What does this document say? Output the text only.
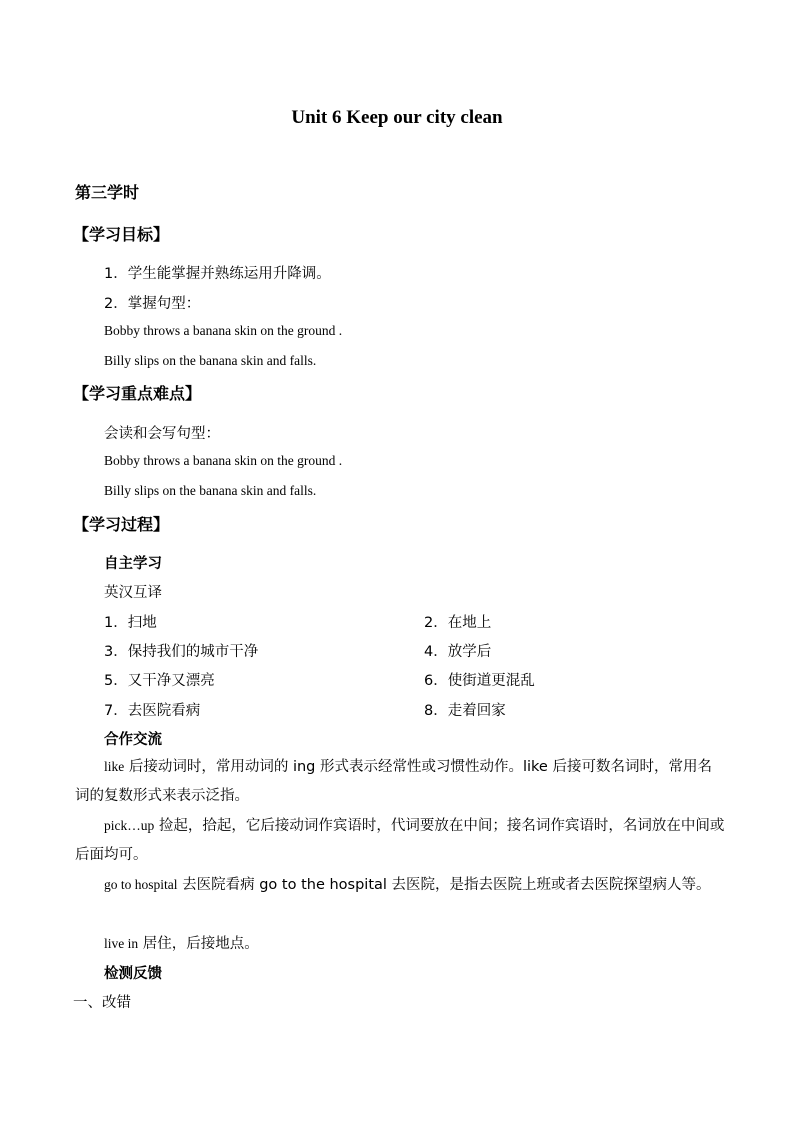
Unit 6 Keep our city clean
第三学时
【学习目标】
1．学生能掌握并熟练运用升降调。
2．掌握句型：
Bobby throws a banana skin on the ground .
Billy slips on the banana skin and falls.
【学习重点难点】
会读和会写句型：
Bobby throws a banana skin on the ground .
Billy slips on the banana skin and falls.
【学习过程】
自主学习
英汉互译
1．扫地	2．在地上
3．保持我们的城市干净	4．放学后
5．又干净又漂亮	6．使街道更混乱
7．去医院看病	8．走着回家
合作交流
like 后接动词时，常用动词的 ing 形式表示经常性或习惯性动作。like 后接可数名词时，常用名词的复数形式来表示泛指。
pick…up 捡起，拾起，它后接动词作宾语时，代词要放在中间；接名词作宾语时，名词放在中间或后面均可。
go to hospital 去医院看病 go to the hospital 去医院，是指去医院上班或者去医院探望病人等。
live in 居住，后接地点。
检测反馈
一、改错
